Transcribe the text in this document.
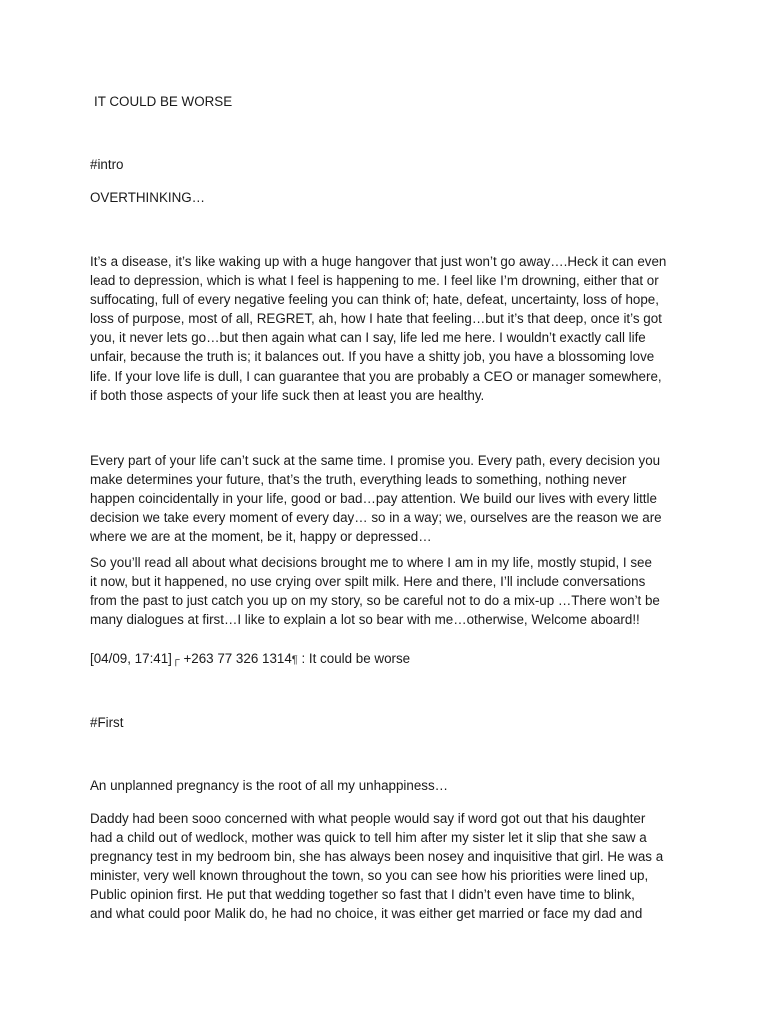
IT COULD BE WORSE

#intro

OVERTHINKING…

It’s a disease, it’s like waking up with a huge hangover that just won’t go away….Heck it can even
lead to depression, which is what I feel is happening to me. I feel like I’m drowning, either that or
suffocating, full of every negative feeling you can think of; hate, defeat, uncertainty, loss of hope,
loss of purpose, most of all, REGRET, ah, how I hate that feeling…but it’s that deep, once it’s got
you, it never lets go…but then again what can I say, life led me here. I wouldn’t exactly call life
unfair, because the truth is; it balances out. If you have a shitty job, you have a blossoming love
life. If your love life is dull, I can guarantee that you are probably a CEO or manager somewhere,
if both those aspects of your life suck then at least you are healthy.
Every part of your life can’t suck at the same time. I promise you. Every path, every decision you
make determines your future, that’s the truth, everything leads to something, nothing never
happen coincidentally in your life, good or bad…pay attention. We build our lives with every little
decision we take every moment of every day… so in a way; we, ourselves are the reason we are
where we are at the moment, be it, happy or depressed…
So you’ll read all about what decisions brought me to where I am in my life, mostly stupid, I see
it now, but it happened, no use crying over spilt milk. Here and there, I’ll include conversations
from the past to just catch you up on my story, so be careful not to do a mix-up …There won’t be
many dialogues at first…I like to explain a lot so bear with me…otherwise, Welcome aboard!!

[04/09, 17:41]┌ +263 77 326 1314¶ : It could be worse

#First

An unplanned pregnancy is the root of all my unhappiness…
Daddy had been sooo concerned with what people would say if word got out that his daughter
had a child out of wedlock, mother was quick to tell him after my sister let it slip that she saw a
pregnancy test in my bedroom bin, she has always been nosey and inquisitive that girl. He was a
minister, very well known throughout the town, so you can see how his priorities were lined up,
Public opinion first. He put that wedding together so fast that I didn’t even have time to blink,
and what could poor Malik do, he had no choice, it was either get married or face my dad and
